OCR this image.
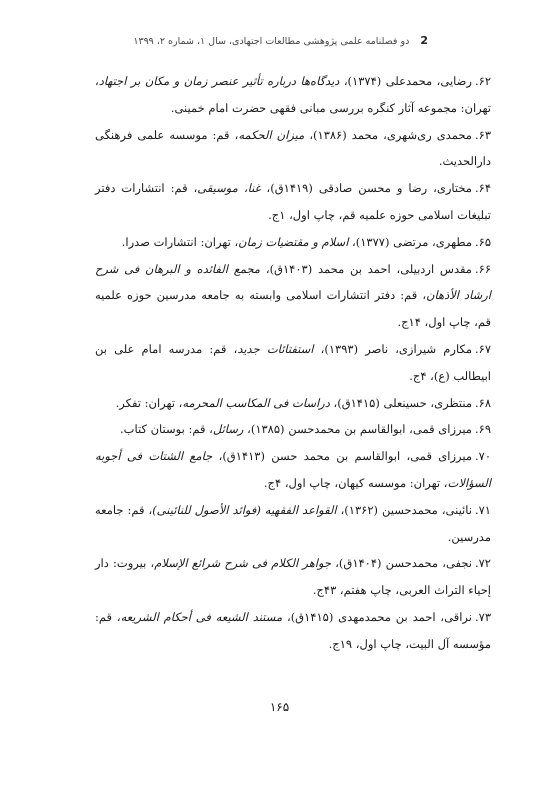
2 دو فصلنامه علمی پژوهشی مطالعات اجتهادی، سال ۱، شماره ۲، ۱۳۹۹

۶۲.رضایی، محمدعلی (۱۳۷۴)، دیدگاه‌ها درباره تأثیر عنصر زمان و مکان بر اجتهاد، تهران: مجموعه آثار کنگره بررسی مبانی فقهی حضرت امام خمینی.

۶۳.محمدی ری‌شهری، محمد (۱۳۸۶)، میزان الحکمه، قم: موسسه علمی فرهنگی دارالحدیث.

۶۴.مختاری، رضا و محسن صادقی (۱۴۱۹ق)، غنا، موسیقی، قم: انتشارات دفتر تبلیغات اسلامی حوزه علمیه قم، چاپ اول، ۱ج.

۶۵.مطهری، مرتضی (۱۳۷۷)، اسلام و مقتضیات زمان، تهران: انتشارات صدرا.

۶۶.مقدس اردبیلی، احمد بن محمد (۱۴۰۳ق)، مجمع الفائده و البرهان فی شرح ارشاد الأذهان، قم: دفتر انتشارات اسلامی وابسته به جامعه مدرسین حوزه علمیه قم، چاپ اول، ۱۴ج.

۶۷.مکارم شیرازی، ناصر (۱۳۹۳)، استفتائات جدید، قم: مدرسه امام علی بن ابیطالب (ع)، ۴ج.

۶۸.منتظری، حسینعلی (۱۴۱۵ق)، دراسات فی المکاسب المحرمه، تهران: تفکر.

۶۹.میرزای قمی، ابوالقاسم بن محمدحسن (۱۳۸۵)، رسائل، قم: بوستان کتاب.

۷۰.میرزای قمی، ابوالقاسم بن محمد حسن (۱۴۱۳ق)، جامع الشتات فی أجوبه السؤالات، تهران: موسسه کیهان، چاپ اول، ۴ج.

۷۱.نائینی، محمدحسین (۱۳۶۲)، القواعد الفقهیه (فوائد الأصول للنائینی)، قم: جامعه مدرسین.

۷۲.نجفی، محمدحسن (۱۴۰۴ق)، جواهر الکلام فی شرح شرائع الإسلام، بیروت: دار إحیاء التراث العربی، چاپ هفتم، ۴۳ج.

۷۳.نراقی، احمد بن محمدمهدی (۱۴۱۵ق)، مستند الشیعه فی أحکام الشریعه، قم: مؤسسه آل البیت، چاپ اول، ۱۹ج.

۱۶۵
